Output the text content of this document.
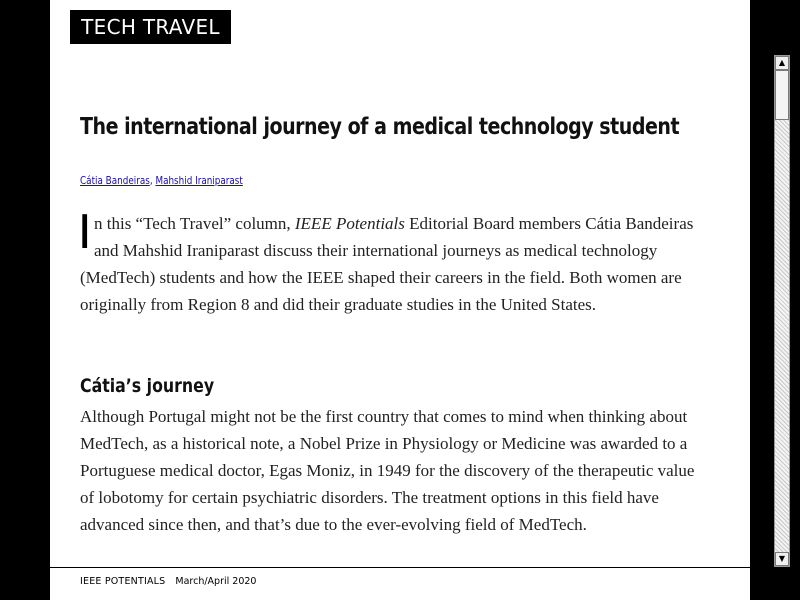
TECH TRAVEL
The international journey of a medical technology student
Cátia Bandeiras, Mahshid Iraniparast

In this “Tech Travel” column, IEEE Potentials Editorial Board members Cátia Bandeiras and Mahshid Iraniparast discuss their international journeys as medical technology (MedTech) students and how the IEEE shaped their careers in the field. Both women are originally from Region 8 and did their graduate studies in the United States.

Cátia’s journey

Although Portugal might not be the first country that comes to mind when thinking about MedTech, as a historical note, a Nobel Prize in Physiology or Medicine was awarded to a Portuguese medical doctor, Egas Moniz, in 1949 for the discovery of the therapeutic value of lobotomy for certain psychiatric disorders. The treatment options in this field have advanced since then, and that’s due to the ever-evolving field of MedTech.

▲
▼
IEEE POTENTIALS March/April 2020
